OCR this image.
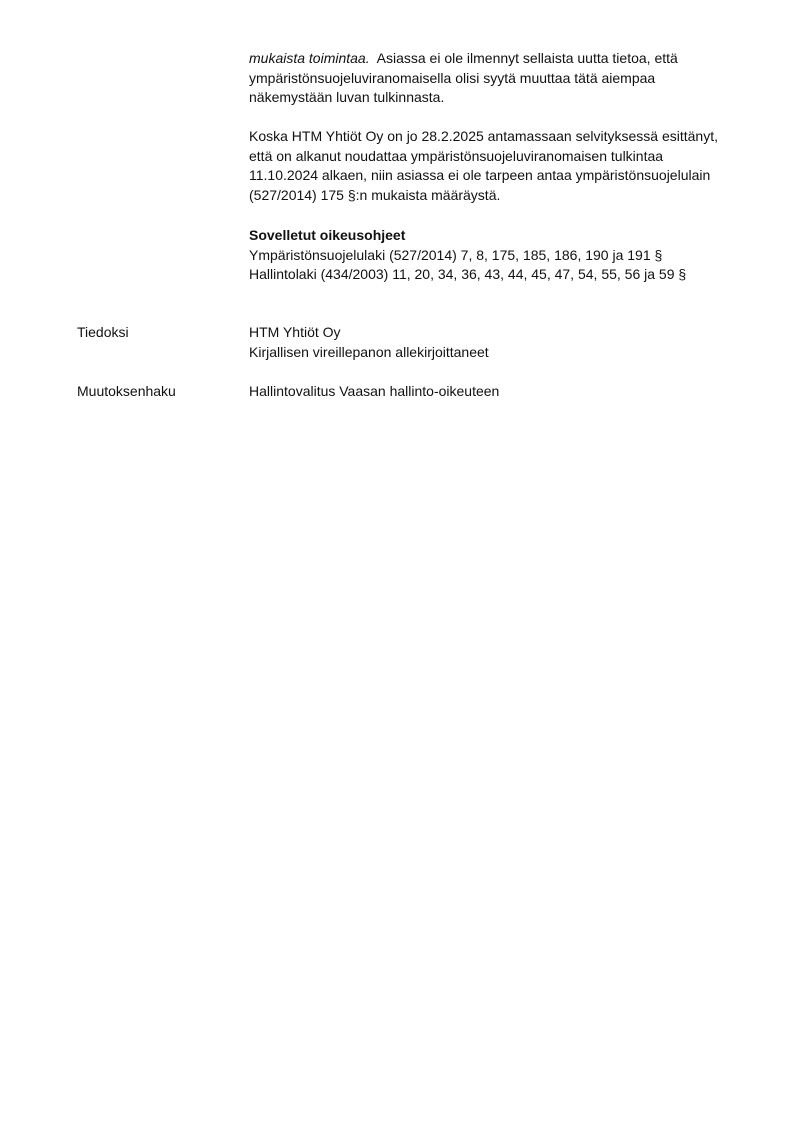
mukaista toimintaa. Asiassa ei ole ilmennyt sellaista uutta tietoa, että
ympäristönsuojeluviranomaisella olisi syytä muuttaa tätä aiempaa
näkemystään luvan tulkinnasta.

Koska HTM Yhtiöt Oy on jo 28.2.2025 antamassaan selvityksessä esittänyt,
että on alkanut noudattaa ympäristönsuojeluviranomaisen tulkintaa
11.10.2024 alkaen, niin asiassa ei ole tarpeen antaa ympäristönsuojelulain
(527/2014) 175 §:n mukaista määräystä.

Sovelletut oikeusohjeet
Ympäristönsuojelulaki (527/2014) 7, 8, 175, 185, 186, 190 ja 191 §
Hallintolaki (434/2003) 11, 20, 34, 36, 43, 44, 45, 47, 54, 55, 56 ja 59 §
Tiedoksi	HTM Yhtiöt Oy
Kirjallisen vireillepanon allekirjoittaneet
Muutoksenhaku	Hallintovalitus Vaasan hallinto-oikeuteen
